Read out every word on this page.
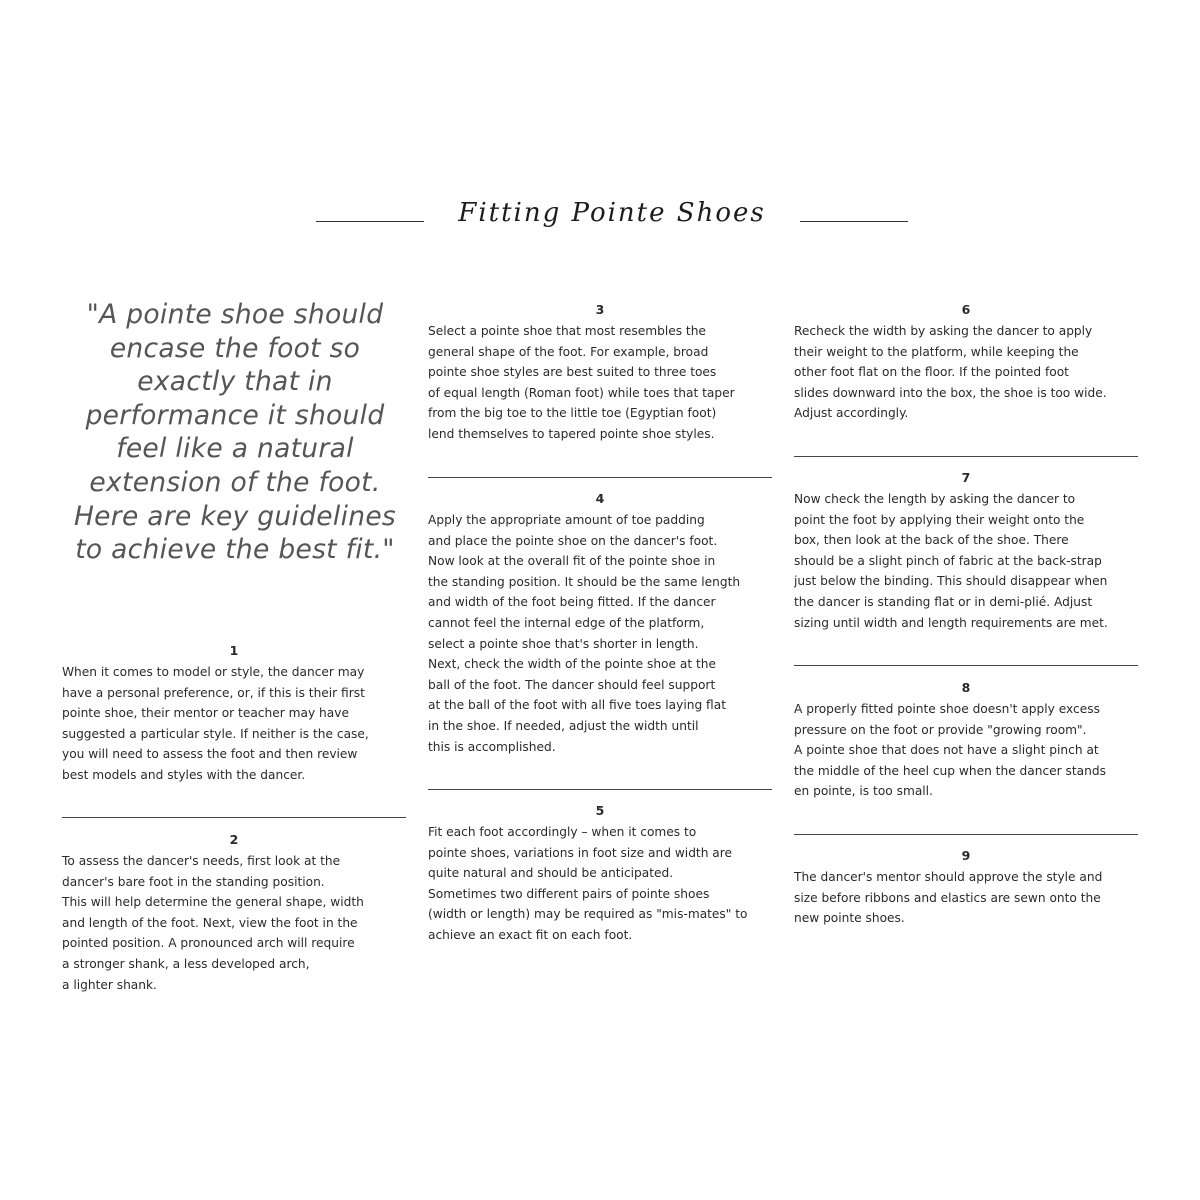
Fitting Pointe Shoes
"A pointe shoe should
encase the foot so
exactly that in
performance it should
feel like a natural
extension of the foot.
Here are key guidelines
to achieve the best fit."
1
When it comes to model or style, the dancer may
have a personal preference, or, if this is their first
pointe shoe, their mentor or teacher may have
suggested a particular style. If neither is the case,
you will need to assess the foot and then review
best models and styles with the dancer.
2
To assess the dancer's needs, first look at the
dancer's bare foot in the standing position.
This will help determine the general shape, width
and length of the foot. Next, view the foot in the
pointed position. A pronounced arch will require
a stronger shank, a less developed arch,
a lighter shank.
3
Select a pointe shoe that most resembles the
general shape of the foot. For example, broad
pointe shoe styles are best suited to three toes
of equal length (Roman foot) while toes that taper
from the big toe to the little toe (Egyptian foot)
lend themselves to tapered pointe shoe styles.
4
Apply the appropriate amount of toe padding
and place the pointe shoe on the dancer's foot.
Now look at the overall fit of the pointe shoe in
the standing position. It should be the same length
and width of the foot being fitted. If the dancer
cannot feel the internal edge of the platform,
select a pointe shoe that's shorter in length.
Next, check the width of the pointe shoe at the
ball of the foot. The dancer should feel support
at the ball of the foot with all five toes laying flat
in the shoe. If needed, adjust the width until
this is accomplished.
5
Fit each foot accordingly – when it comes to
pointe shoes, variations in foot size and width are
quite natural and should be anticipated.
Sometimes two different pairs of pointe shoes
(width or length) may be required as "mis-mates" to
achieve an exact fit on each foot.
6
Recheck the width by asking the dancer to apply
their weight to the platform, while keeping the
other foot flat on the floor. If the pointed foot
slides downward into the box, the shoe is too wide.
Adjust accordingly.
7
Now check the length by asking the dancer to
point the foot by applying their weight onto the
box, then look at the back of the shoe. There
should be a slight pinch of fabric at the back-strap
just below the binding. This should disappear when
the dancer is standing flat or in demi-plié. Adjust
sizing until width and length requirements are met.
8
A properly fitted pointe shoe doesn't apply excess
pressure on the foot or provide "growing room".
A pointe shoe that does not have a slight pinch at
the middle of the heel cup when the dancer stands
en pointe, is too small.
9
The dancer's mentor should approve the style and
size before ribbons and elastics are sewn onto the
new pointe shoes.
